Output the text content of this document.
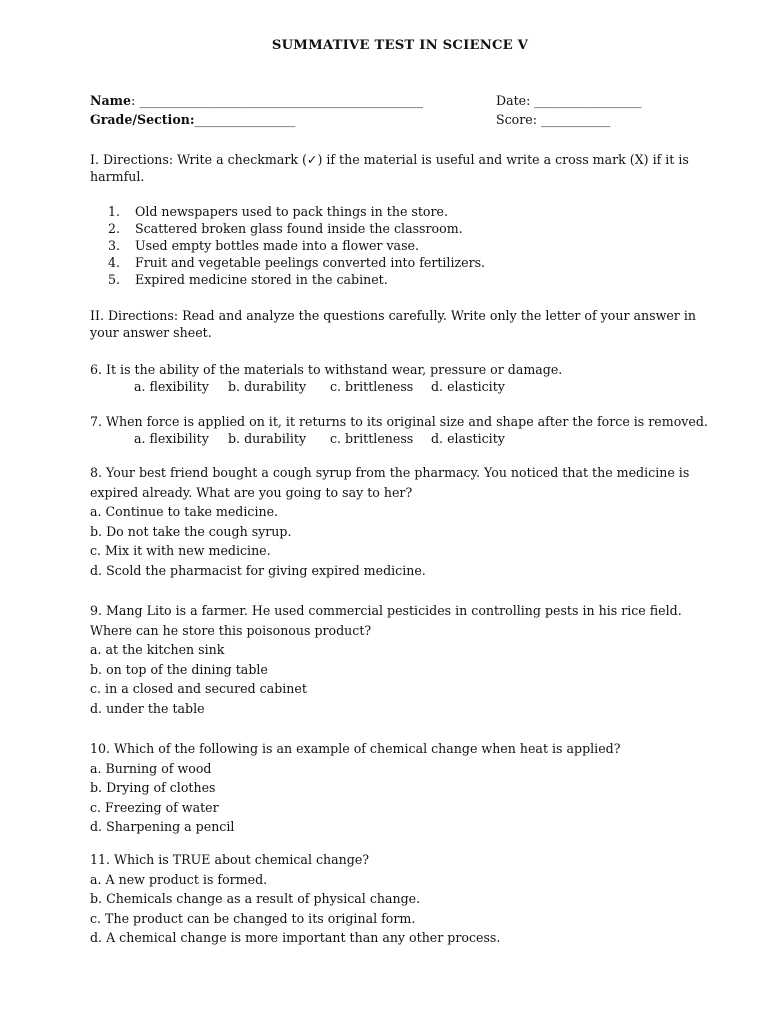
SUMMATIVE TEST IN SCIENCE V
Name: _____________________________________________	Date: _________________
Grade/Section:________________	Score: ___________
I. Directions: Write a checkmark (✓) if the material is useful and write a cross mark (X) if it is
harmful.
1. Old newspapers used to pack things in the store.
2. Scattered broken glass found inside the classroom.
3. Used empty bottles made into a flower vase.
4. Fruit and vegetable peelings converted into fertilizers.
5. Expired medicine stored in the cabinet.
II. Directions: Read and analyze the questions carefully. Write only the letter of your answer in
your answer sheet.
6. It is the ability of the materials to withstand wear, pressure or damage.
a. flexibility b. durability c. brittleness d. elasticity
7. When force is applied on it, it returns to its original size and shape after the force is removed.
a. flexibility b. durability c. brittleness d. elasticity
8. Your best friend bought a cough syrup from the pharmacy. You noticed that the medicine is
expired already. What are you going to say to her?
a. Continue to take medicine.
b. Do not take the cough syrup.
c. Mix it with new medicine.
d. Scold the pharmacist for giving expired medicine.
9. Mang Lito is a farmer. He used commercial pesticides in controlling pests in his rice field.
Where can he store this poisonous product?
a. at the kitchen sink
b. on top of the dining table
c. in a closed and secured cabinet
d. under the table
10. Which of the following is an example of chemical change when heat is applied?
a. Burning of wood
b. Drying of clothes
c. Freezing of water
d. Sharpening a pencil
11. Which is TRUE about chemical change?
a. A new product is formed.
b. Chemicals change as a result of physical change.
c. The product can be changed to its original form.
d. A chemical change is more important than any other process.
